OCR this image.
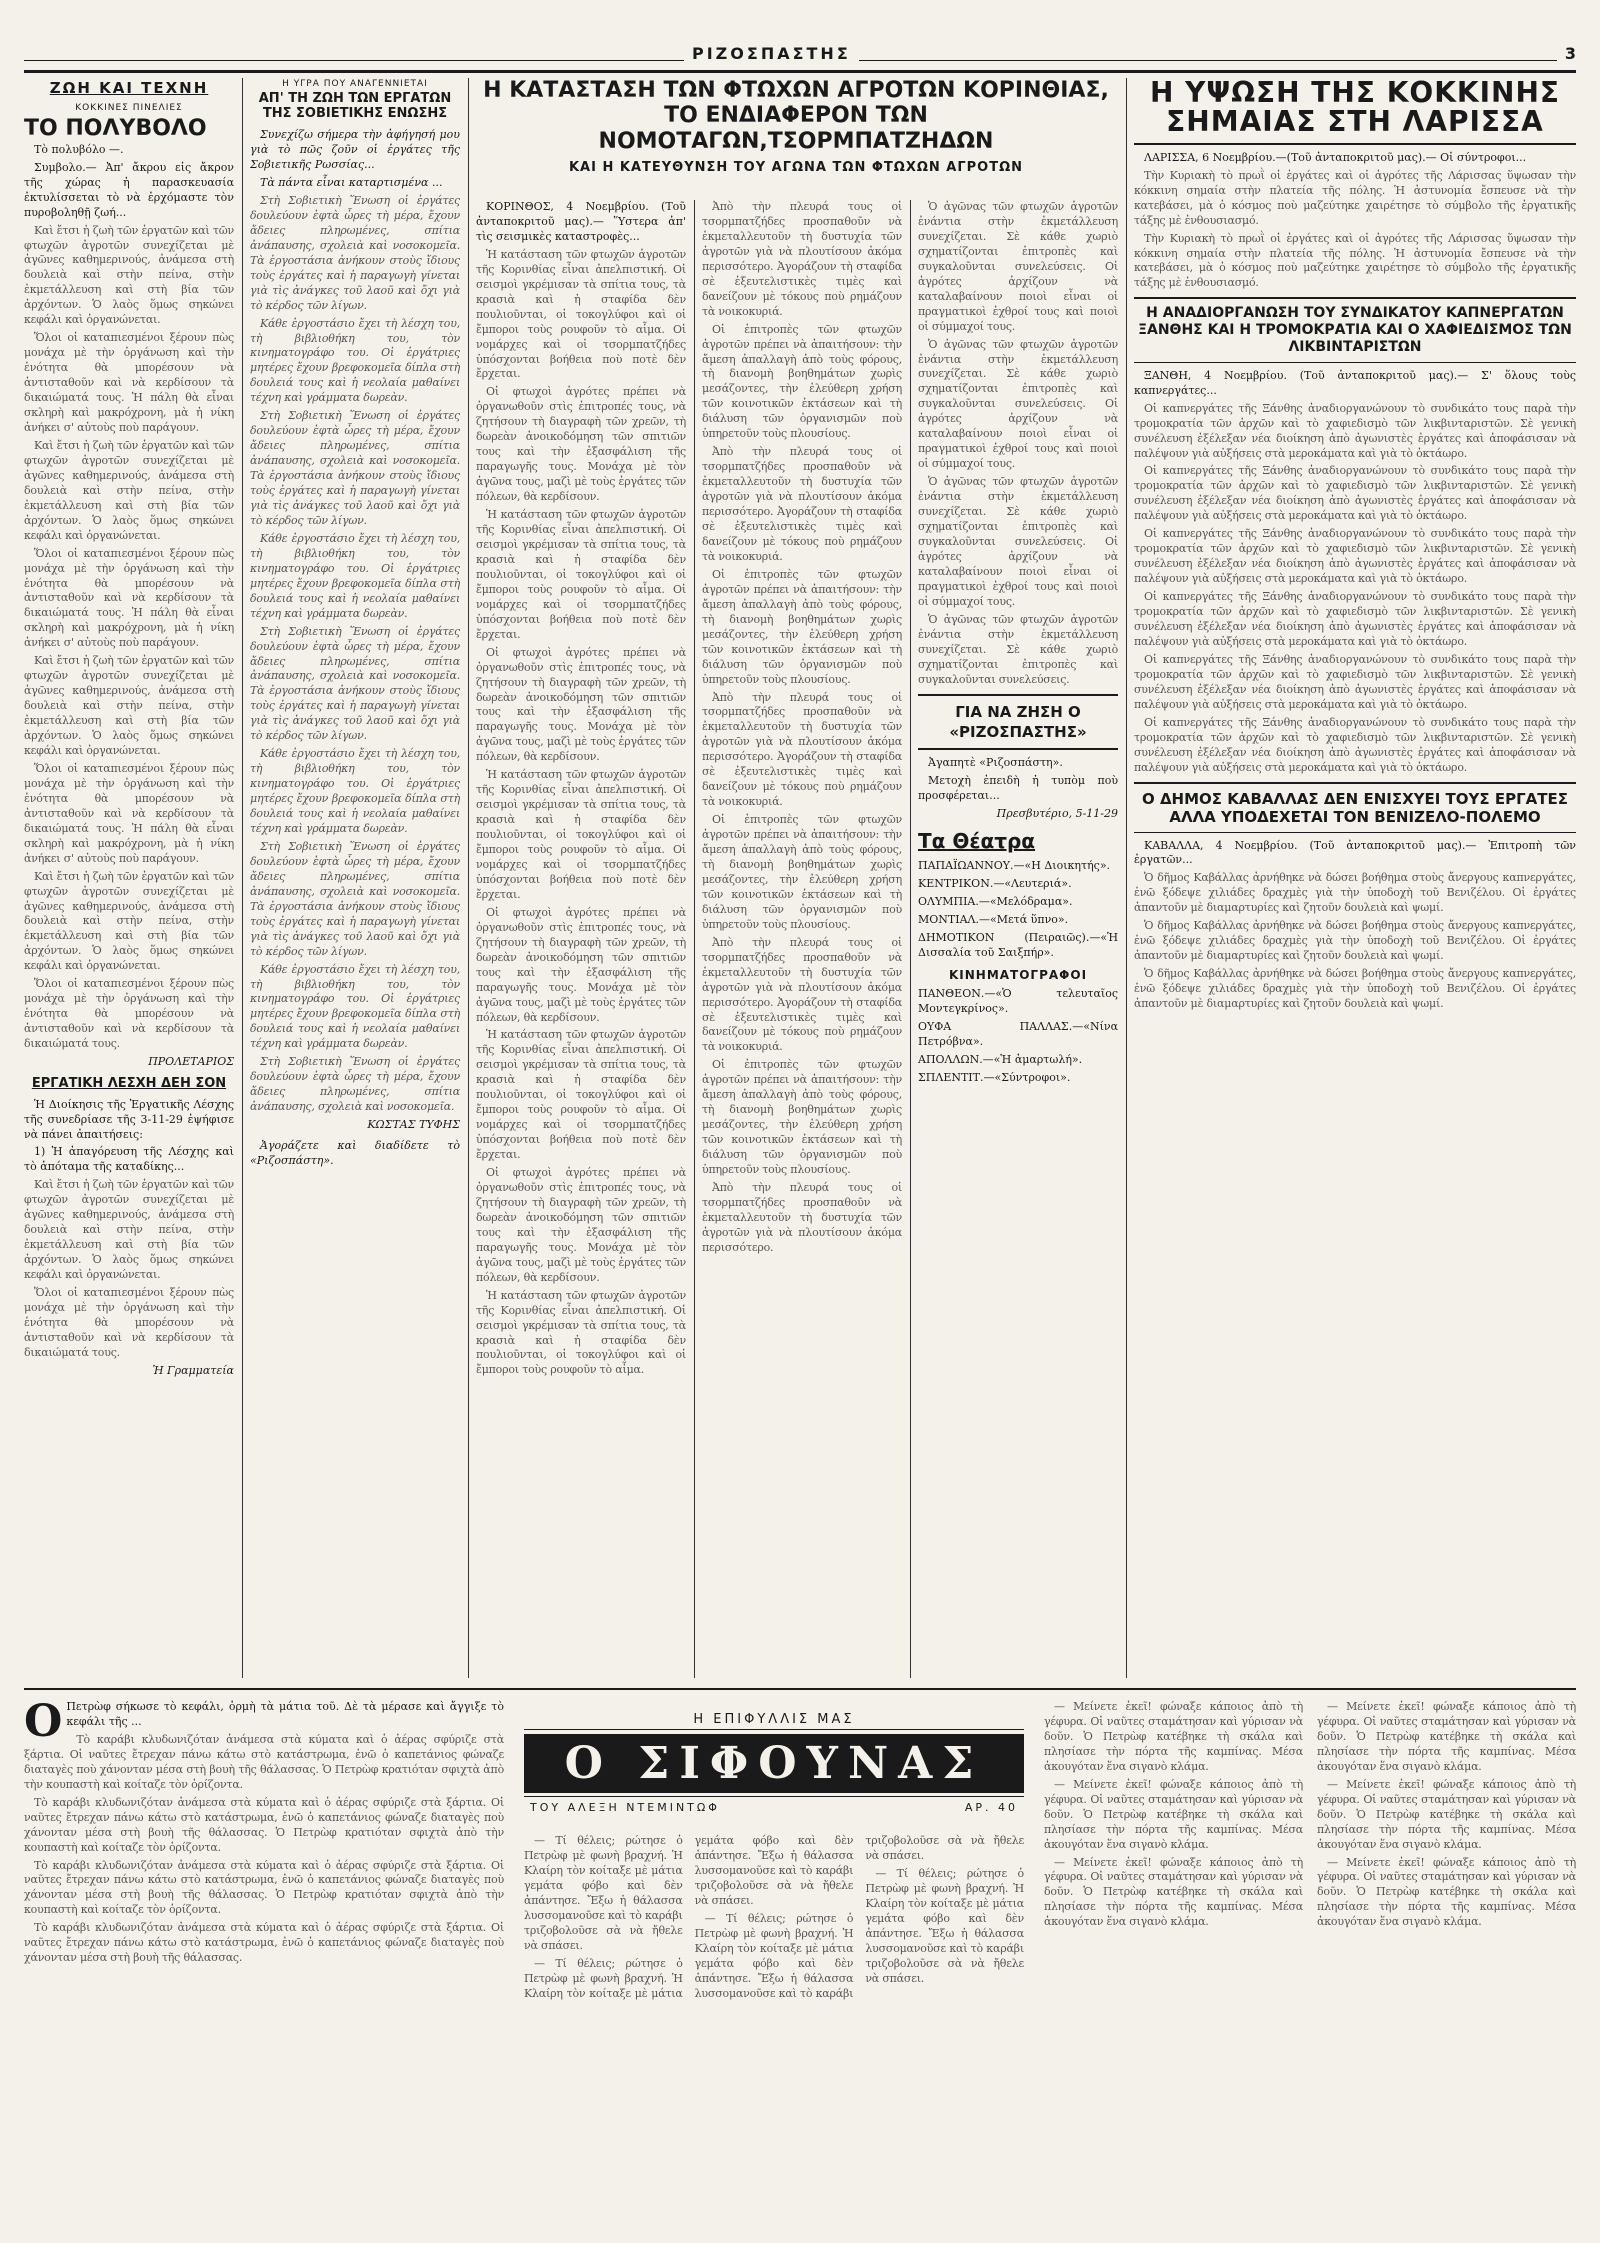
ΡΙΖΟΣΠΑΣΤΗΣ	3
ΖΩΗ ΚΑΙ ΤΕΧΝΗ
ΚΟΚΚΙΝΕΣ ΠΙΝΕΛΙΕΣ
ΤΟ ΠΟΛΥΒΟΛΟ

Τὸ πολυβόλο —.

Συμβολο.— Ἀπ' ἄκρου εἰς ἄκρον τῆς χώρας ἡ παρασκευασία ἐκτυλίσσεται τὸ νὰ ἐρχόμαστε τὸν πυροβοληθῇ ζωή...

Καὶ ἔτσι ἡ ζωὴ τῶν ἐργατῶν καὶ τῶν φτωχῶν ἀγροτῶν συνεχίζεται μὲ ἀγῶνες καθημερινούς, ἀνάμεσα στὴ δουλειὰ καὶ στὴν πείνα, στὴν ἐκμετάλλευση καὶ στὴ βία τῶν ἀρχόντων. Ὁ λαὸς ὅμως σηκώνει κεφάλι καὶ ὀργανώνεται.

Ὅλοι οἱ καταπιεσμένοι ξέρουν πὼς μονάχα μὲ τὴν ὀργάνωση καὶ τὴν ἑνότητα θὰ μπορέσουν νὰ ἀντισταθοῦν καὶ νὰ κερδίσουν τὰ δικαιώματά τους. Ἡ πάλη θὰ εἶναι σκληρὴ καὶ μακρόχρονη, μὰ ἡ νίκη ἀνήκει σ' αὐτοὺς ποὺ παράγουν.

Καὶ ἔτσι ἡ ζωὴ τῶν ἐργατῶν καὶ τῶν φτωχῶν ἀγροτῶν συνεχίζεται μὲ ἀγῶνες καθημερινούς, ἀνάμεσα στὴ δουλειὰ καὶ στὴν πείνα, στὴν ἐκμετάλλευση καὶ στὴ βία τῶν ἀρχόντων. Ὁ λαὸς ὅμως σηκώνει κεφάλι καὶ ὀργανώνεται.

Ὅλοι οἱ καταπιεσμένοι ξέρουν πὼς μονάχα μὲ τὴν ὀργάνωση καὶ τὴν ἑνότητα θὰ μπορέσουν νὰ ἀντισταθοῦν καὶ νὰ κερδίσουν τὰ δικαιώματά τους. Ἡ πάλη θὰ εἶναι σκληρὴ καὶ μακρόχρονη, μὰ ἡ νίκη ἀνήκει σ' αὐτοὺς ποὺ παράγουν.

Καὶ ἔτσι ἡ ζωὴ τῶν ἐργατῶν καὶ τῶν φτωχῶν ἀγροτῶν συνεχίζεται μὲ ἀγῶνες καθημερινούς, ἀνάμεσα στὴ δουλειὰ καὶ στὴν πείνα, στὴν ἐκμετάλλευση καὶ στὴ βία τῶν ἀρχόντων. Ὁ λαὸς ὅμως σηκώνει κεφάλι καὶ ὀργανώνεται.

Ὅλοι οἱ καταπιεσμένοι ξέρουν πὼς μονάχα μὲ τὴν ὀργάνωση καὶ τὴν ἑνότητα θὰ μπορέσουν νὰ ἀντισταθοῦν καὶ νὰ κερδίσουν τὰ δικαιώματά τους. Ἡ πάλη θὰ εἶναι σκληρὴ καὶ μακρόχρονη, μὰ ἡ νίκη ἀνήκει σ' αὐτοὺς ποὺ παράγουν.

Καὶ ἔτσι ἡ ζωὴ τῶν ἐργατῶν καὶ τῶν φτωχῶν ἀγροτῶν συνεχίζεται μὲ ἀγῶνες καθημερινούς, ἀνάμεσα στὴ δουλειὰ καὶ στὴν πείνα, στὴν ἐκμετάλλευση καὶ στὴ βία τῶν ἀρχόντων. Ὁ λαὸς ὅμως σηκώνει κεφάλι καὶ ὀργανώνεται.

Ὅλοι οἱ καταπιεσμένοι ξέρουν πὼς μονάχα μὲ τὴν ὀργάνωση καὶ τὴν ἑνότητα θὰ μπορέσουν νὰ ἀντισταθοῦν καὶ νὰ κερδίσουν τὰ δικαιώματά τους.

ΠΡΟΛΕΤΑΡΙΟΣ
ΕΡΓΑΤΙΚΗ ΛΕΣΧΗ ΔΕΗ ΣΟΝ

Ἡ Διοίκησις τῆς Ἐργατικῆς Λέσχης τῆς συνεδρίασε τῆς 3-11-29 ἐψήφισε νὰ πάνει ἀπαιτήσεις:

1) Ἡ ἀπαγόρευση τῆς Λέσχης καὶ τὸ ἀπόταμα τῆς καταδίκης...

Καὶ ἔτσι ἡ ζωὴ τῶν ἐργατῶν καὶ τῶν φτωχῶν ἀγροτῶν συνεχίζεται μὲ ἀγῶνες καθημερινούς, ἀνάμεσα στὴ δουλειὰ καὶ στὴν πείνα, στὴν ἐκμετάλλευση καὶ στὴ βία τῶν ἀρχόντων. Ὁ λαὸς ὅμως σηκώνει κεφάλι καὶ ὀργανώνεται.

Ὅλοι οἱ καταπιεσμένοι ξέρουν πὼς μονάχα μὲ τὴν ὀργάνωση καὶ τὴν ἑνότητα θὰ μπορέσουν νὰ ἀντισταθοῦν καὶ νὰ κερδίσουν τὰ δικαιώματά τους.

Ἡ Γραμματεία
Η ΥΓΡΑ ΠΟΥ ΑΝΑΓΕΝΝΙΕΤΑΙ
ΑΠ' ΤΗ ΖΩΗ ΤΩΝ ΕΡΓΑΤΩΝ ΤΗΣ ΣΟΒΙΕΤΙΚΗΣ ΕΝΩΣΗΣ

Συνεχίζω σήμερα τὴν ἀφήγησή μου γιὰ τὸ πῶς ζοῦν οἱ ἐργάτες τῆς Σοβιετικῆς Ρωσσίας...

Τὰ πάντα εἶναι καταρτισμένα ...

Στὴ Σοβιετικὴ Ἕνωση οἱ ἐργάτες δουλεύουν ἑφτὰ ὧρες τὴ μέρα, ἔχουν ἄδειες πληρωμένες, σπίτια ἀνάπαυσης, σχολειὰ καὶ νοσοκομεῖα. Τὰ ἐργοστάσια ἀνήκουν στοὺς ἴδιους τοὺς ἐργάτες καὶ ἡ παραγωγὴ γίνεται γιὰ τὶς ἀνάγκες τοῦ λαοῦ καὶ ὄχι γιὰ τὸ κέρδος τῶν λίγων.

Κάθε ἐργοστάσιο ἔχει τὴ λέσχη του, τὴ βιβλιοθήκη του, τὸν κινηματογράφο του. Οἱ ἐργάτριες μητέρες ἔχουν βρεφοκομεῖα δίπλα στὴ δουλειά τους καὶ ἡ νεολαία μαθαίνει τέχνη καὶ γράμματα δωρεὰν.

Στὴ Σοβιετικὴ Ἕνωση οἱ ἐργάτες δουλεύουν ἑφτὰ ὧρες τὴ μέρα, ἔχουν ἄδειες πληρωμένες, σπίτια ἀνάπαυσης, σχολειὰ καὶ νοσοκομεῖα. Τὰ ἐργοστάσια ἀνήκουν στοὺς ἴδιους τοὺς ἐργάτες καὶ ἡ παραγωγὴ γίνεται γιὰ τὶς ἀνάγκες τοῦ λαοῦ καὶ ὄχι γιὰ τὸ κέρδος τῶν λίγων.

Κάθε ἐργοστάσιο ἔχει τὴ λέσχη του, τὴ βιβλιοθήκη του, τὸν κινηματογράφο του. Οἱ ἐργάτριες μητέρες ἔχουν βρεφοκομεῖα δίπλα στὴ δουλειά τους καὶ ἡ νεολαία μαθαίνει τέχνη καὶ γράμματα δωρεὰν.

Στὴ Σοβιετικὴ Ἕνωση οἱ ἐργάτες δουλεύουν ἑφτὰ ὧρες τὴ μέρα, ἔχουν ἄδειες πληρωμένες, σπίτια ἀνάπαυσης, σχολειὰ καὶ νοσοκομεῖα. Τὰ ἐργοστάσια ἀνήκουν στοὺς ἴδιους τοὺς ἐργάτες καὶ ἡ παραγωγὴ γίνεται γιὰ τὶς ἀνάγκες τοῦ λαοῦ καὶ ὄχι γιὰ τὸ κέρδος τῶν λίγων.

Κάθε ἐργοστάσιο ἔχει τὴ λέσχη του, τὴ βιβλιοθήκη του, τὸν κινηματογράφο του. Οἱ ἐργάτριες μητέρες ἔχουν βρεφοκομεῖα δίπλα στὴ δουλειά τους καὶ ἡ νεολαία μαθαίνει τέχνη καὶ γράμματα δωρεὰν.

Στὴ Σοβιετικὴ Ἕνωση οἱ ἐργάτες δουλεύουν ἑφτὰ ὧρες τὴ μέρα, ἔχουν ἄδειες πληρωμένες, σπίτια ἀνάπαυσης, σχολειὰ καὶ νοσοκομεῖα. Τὰ ἐργοστάσια ἀνήκουν στοὺς ἴδιους τοὺς ἐργάτες καὶ ἡ παραγωγὴ γίνεται γιὰ τὶς ἀνάγκες τοῦ λαοῦ καὶ ὄχι γιὰ τὸ κέρδος τῶν λίγων.

Κάθε ἐργοστάσιο ἔχει τὴ λέσχη του, τὴ βιβλιοθήκη του, τὸν κινηματογράφο του. Οἱ ἐργάτριες μητέρες ἔχουν βρεφοκομεῖα δίπλα στὴ δουλειά τους καὶ ἡ νεολαία μαθαίνει τέχνη καὶ γράμματα δωρεὰν.

Στὴ Σοβιετικὴ Ἕνωση οἱ ἐργάτες δουλεύουν ἑφτὰ ὧρες τὴ μέρα, ἔχουν ἄδειες πληρωμένες, σπίτια ἀνάπαυσης, σχολειὰ καὶ νοσοκομεῖα.

ΚΩΣΤΑΣ ΤΥΦΗΣ

Ἀγοράζετε καὶ διαδίδετε τὸ «Ριζοσπάστη».

Η ΚΑΤΑΣΤΑΣΗ ΤΩΝ ΦΤΩΧΩΝ ΑΓΡΟΤΩΝ ΚΟΡΙΝΘΙΑΣ,
ΤΟ ΕΝΔΙΑΦΕΡΟΝ ΤΩΝ ΝΟΜΟΤΑΓΩΝ,ΤΣΟΡΜΠΑΤΖΗΔΩΝ
ΚΑΙ Η ΚΑΤΕΥΘΥΝΣΗ ΤΟΥ ΑΓΩΝΑ ΤΩΝ ΦΤΩΧΩΝ ΑΓΡΟΤΩΝ

ΚΟΡΙΝΘΟΣ, 4 Νοεμβρίου. (Τοῦ ἀνταποκριτοῦ μας).— Ὕστερα ἀπ' τὶς σεισμικὲς καταστροφὲς...

Ἡ κατάσταση τῶν φτωχῶν ἀγροτῶν τῆς Κορινθίας εἶναι ἀπελπιστική. Οἱ σεισμοὶ γκρέμισαν τὰ σπίτια τους, τὰ κρασιὰ καὶ ἡ σταφίδα δὲν πουλιοῦνται, οἱ τοκογλύφοι καὶ οἱ ἔμποροι τοὺς ρουφοῦν τὸ αἷμα. Οἱ νομάρχες καὶ οἱ τσορμπατζήδες ὑπόσχονται βοήθεια ποὺ ποτὲ δὲν ἔρχεται.

Οἱ φτωχοὶ ἀγρότες πρέπει νὰ ὀργανωθοῦν στὶς ἐπιτροπές τους, νὰ ζητήσουν τὴ διαγραφὴ τῶν χρεῶν, τὴ δωρεὰν ἀνοικοδόμηση τῶν σπιτιῶν τους καὶ τὴν ἐξασφάλιση τῆς παραγωγῆς τους. Μονάχα μὲ τὸν ἀγῶνα τους, μαζὶ μὲ τοὺς ἐργάτες τῶν πόλεων, θὰ κερδίσουν.

Ἡ κατάσταση τῶν φτωχῶν ἀγροτῶν τῆς Κορινθίας εἶναι ἀπελπιστική. Οἱ σεισμοὶ γκρέμισαν τὰ σπίτια τους, τὰ κρασιὰ καὶ ἡ σταφίδα δὲν πουλιοῦνται, οἱ τοκογλύφοι καὶ οἱ ἔμποροι τοὺς ρουφοῦν τὸ αἷμα. Οἱ νομάρχες καὶ οἱ τσορμπατζήδες ὑπόσχονται βοήθεια ποὺ ποτὲ δὲν ἔρχεται.

Οἱ φτωχοὶ ἀγρότες πρέπει νὰ ὀργανωθοῦν στὶς ἐπιτροπές τους, νὰ ζητήσουν τὴ διαγραφὴ τῶν χρεῶν, τὴ δωρεὰν ἀνοικοδόμηση τῶν σπιτιῶν τους καὶ τὴν ἐξασφάλιση τῆς παραγωγῆς τους. Μονάχα μὲ τὸν ἀγῶνα τους, μαζὶ μὲ τοὺς ἐργάτες τῶν πόλεων, θὰ κερδίσουν.

Ἡ κατάσταση τῶν φτωχῶν ἀγροτῶν τῆς Κορινθίας εἶναι ἀπελπιστική. Οἱ σεισμοὶ γκρέμισαν τὰ σπίτια τους, τὰ κρασιὰ καὶ ἡ σταφίδα δὲν πουλιοῦνται, οἱ τοκογλύφοι καὶ οἱ ἔμποροι τοὺς ρουφοῦν τὸ αἷμα. Οἱ νομάρχες καὶ οἱ τσορμπατζήδες ὑπόσχονται βοήθεια ποὺ ποτὲ δὲν ἔρχεται.

Οἱ φτωχοὶ ἀγρότες πρέπει νὰ ὀργανωθοῦν στὶς ἐπιτροπές τους, νὰ ζητήσουν τὴ διαγραφὴ τῶν χρεῶν, τὴ δωρεὰν ἀνοικοδόμηση τῶν σπιτιῶν τους καὶ τὴν ἐξασφάλιση τῆς παραγωγῆς τους. Μονάχα μὲ τὸν ἀγῶνα τους, μαζὶ μὲ τοὺς ἐργάτες τῶν πόλεων, θὰ κερδίσουν.

Ἡ κατάσταση τῶν φτωχῶν ἀγροτῶν τῆς Κορινθίας εἶναι ἀπελπιστική. Οἱ σεισμοὶ γκρέμισαν τὰ σπίτια τους, τὰ κρασιὰ καὶ ἡ σταφίδα δὲν πουλιοῦνται, οἱ τοκογλύφοι καὶ οἱ ἔμποροι τοὺς ρουφοῦν τὸ αἷμα. Οἱ νομάρχες καὶ οἱ τσορμπατζήδες ὑπόσχονται βοήθεια ποὺ ποτὲ δὲν ἔρχεται.

Οἱ φτωχοὶ ἀγρότες πρέπει νὰ ὀργανωθοῦν στὶς ἐπιτροπές τους, νὰ ζητήσουν τὴ διαγραφὴ τῶν χρεῶν, τὴ δωρεὰν ἀνοικοδόμηση τῶν σπιτιῶν τους καὶ τὴν ἐξασφάλιση τῆς παραγωγῆς τους. Μονάχα μὲ τὸν ἀγῶνα τους, μαζὶ μὲ τοὺς ἐργάτες τῶν πόλεων, θὰ κερδίσουν.

Ἡ κατάσταση τῶν φτωχῶν ἀγροτῶν τῆς Κορινθίας εἶναι ἀπελπιστική. Οἱ σεισμοὶ γκρέμισαν τὰ σπίτια τους, τὰ κρασιὰ καὶ ἡ σταφίδα δὲν πουλιοῦνται, οἱ τοκογλύφοι καὶ οἱ ἔμποροι τοὺς ρουφοῦν τὸ αἷμα.

Ἀπὸ τὴν πλευρά τους οἱ τσορμπατζήδες προσπαθοῦν νὰ ἐκμεταλλευτοῦν τὴ δυστυχία τῶν ἀγροτῶν γιὰ νὰ πλουτίσουν ἀκόμα περισσότερο. Ἀγοράζουν τὴ σταφίδα σὲ ἐξευτελιστικὲς τιμὲς καὶ δανείζουν μὲ τόκους ποὺ ρημάζουν τὰ νοικοκυριά.

Οἱ ἐπιτροπὲς τῶν φτωχῶν ἀγροτῶν πρέπει νὰ ἀπαιτήσουν: τὴν ἄμεση ἀπαλλαγὴ ἀπὸ τοὺς φόρους, τὴ διανομὴ βοηθημάτων χωρὶς μεσάζοντες, τὴν ἐλεύθερη χρήση τῶν κοινοτικῶν ἐκτάσεων καὶ τὴ διάλυση τῶν ὀργανισμῶν ποὺ ὑπηρετοῦν τοὺς πλουσίους.

Ἀπὸ τὴν πλευρά τους οἱ τσορμπατζήδες προσπαθοῦν νὰ ἐκμεταλλευτοῦν τὴ δυστυχία τῶν ἀγροτῶν γιὰ νὰ πλουτίσουν ἀκόμα περισσότερο. Ἀγοράζουν τὴ σταφίδα σὲ ἐξευτελιστικὲς τιμὲς καὶ δανείζουν μὲ τόκους ποὺ ρημάζουν τὰ νοικοκυριά.

Οἱ ἐπιτροπὲς τῶν φτωχῶν ἀγροτῶν πρέπει νὰ ἀπαιτήσουν: τὴν ἄμεση ἀπαλλαγὴ ἀπὸ τοὺς φόρους, τὴ διανομὴ βοηθημάτων χωρὶς μεσάζοντες, τὴν ἐλεύθερη χρήση τῶν κοινοτικῶν ἐκτάσεων καὶ τὴ διάλυση τῶν ὀργανισμῶν ποὺ ὑπηρετοῦν τοὺς πλουσίους.

Ἀπὸ τὴν πλευρά τους οἱ τσορμπατζήδες προσπαθοῦν νὰ ἐκμεταλλευτοῦν τὴ δυστυχία τῶν ἀγροτῶν γιὰ νὰ πλουτίσουν ἀκόμα περισσότερο. Ἀγοράζουν τὴ σταφίδα σὲ ἐξευτελιστικὲς τιμὲς καὶ δανείζουν μὲ τόκους ποὺ ρημάζουν τὰ νοικοκυριά.

Οἱ ἐπιτροπὲς τῶν φτωχῶν ἀγροτῶν πρέπει νὰ ἀπαιτήσουν: τὴν ἄμεση ἀπαλλαγὴ ἀπὸ τοὺς φόρους, τὴ διανομὴ βοηθημάτων χωρὶς μεσάζοντες, τὴν ἐλεύθερη χρήση τῶν κοινοτικῶν ἐκτάσεων καὶ τὴ διάλυση τῶν ὀργανισμῶν ποὺ ὑπηρετοῦν τοὺς πλουσίους.

Ἀπὸ τὴν πλευρά τους οἱ τσορμπατζήδες προσπαθοῦν νὰ ἐκμεταλλευτοῦν τὴ δυστυχία τῶν ἀγροτῶν γιὰ νὰ πλουτίσουν ἀκόμα περισσότερο. Ἀγοράζουν τὴ σταφίδα σὲ ἐξευτελιστικὲς τιμὲς καὶ δανείζουν μὲ τόκους ποὺ ρημάζουν τὰ νοικοκυριά.

Οἱ ἐπιτροπὲς τῶν φτωχῶν ἀγροτῶν πρέπει νὰ ἀπαιτήσουν: τὴν ἄμεση ἀπαλλαγὴ ἀπὸ τοὺς φόρους, τὴ διανομὴ βοηθημάτων χωρὶς μεσάζοντες, τὴν ἐλεύθερη χρήση τῶν κοινοτικῶν ἐκτάσεων καὶ τὴ διάλυση τῶν ὀργανισμῶν ποὺ ὑπηρετοῦν τοὺς πλουσίους.

Ἀπὸ τὴν πλευρά τους οἱ τσορμπατζήδες προσπαθοῦν νὰ ἐκμεταλλευτοῦν τὴ δυστυχία τῶν ἀγροτῶν γιὰ νὰ πλουτίσουν ἀκόμα περισσότερο.

Ὁ ἀγῶνας τῶν φτωχῶν ἀγροτῶν ἐνάντια στὴν ἐκμετάλλευση συνεχίζεται. Σὲ κάθε χωριὸ σχηματίζονται ἐπιτροπὲς καὶ συγκαλοῦνται συνελεύσεις. Οἱ ἀγρότες ἀρχίζουν νὰ καταλαβαίνουν ποιοὶ εἶναι οἱ πραγματικοὶ ἐχθροί τους καὶ ποιοὶ οἱ σύμμαχοί τους.

Ὁ ἀγῶνας τῶν φτωχῶν ἀγροτῶν ἐνάντια στὴν ἐκμετάλλευση συνεχίζεται. Σὲ κάθε χωριὸ σχηματίζονται ἐπιτροπὲς καὶ συγκαλοῦνται συνελεύσεις. Οἱ ἀγρότες ἀρχίζουν νὰ καταλαβαίνουν ποιοὶ εἶναι οἱ πραγματικοὶ ἐχθροί τους καὶ ποιοὶ οἱ σύμμαχοί τους.

Ὁ ἀγῶνας τῶν φτωχῶν ἀγροτῶν ἐνάντια στὴν ἐκμετάλλευση συνεχίζεται. Σὲ κάθε χωριὸ σχηματίζονται ἐπιτροπὲς καὶ συγκαλοῦνται συνελεύσεις. Οἱ ἀγρότες ἀρχίζουν νὰ καταλαβαίνουν ποιοὶ εἶναι οἱ πραγματικοὶ ἐχθροί τους καὶ ποιοὶ οἱ σύμμαχοί τους.

Ὁ ἀγῶνας τῶν φτωχῶν ἀγροτῶν ἐνάντια στὴν ἐκμετάλλευση συνεχίζεται. Σὲ κάθε χωριὸ σχηματίζονται ἐπιτροπὲς καὶ συγκαλοῦνται συνελεύσεις.

ΓΙΑ ΝΑ ΖΗΣΗ Ο «ΡΙΖΟΣΠΑΣΤΗΣ»

Ἀγαπητὲ «Ριζοσπάστη».

Μετοχὴ ἐπειδὴ ἡ τυπὸμ ποὺ προσφέρεται...

Πρεσβυτέριο, 5-11-29
Τα Θέατρα

ΠΑΠΑΪΩΑΝΝΟΥ.—«Η Διοικητής».

ΚΕΝΤΡΙΚΟΝ.—«Λευτεριά».

ΟΛΥΜΠΙΑ.—«Μελόδραμα».

ΜΟΝΤΙΑΛ.—«Μετά ὕπνο».

ΔΗΜΟΤΙΚΟΝ (Πειραιῶς).—«Ἡ Δισσαλία τοῦ Σαιξπήρ».

ΚΙΝΗΜΑΤΟΓΡΑΦΟΙ

ΠΑΝΘΕΟΝ.—«Ὁ τελευταῖος Μοντεγκρίνος».

ΟΥΦΑ ΠΑΛΛΑΣ.—«Νίνα Πετρόβνα».

ΑΠΟΛΛΩΝ.—«Ἡ ἁμαρτωλή».

ΣΠΛΕΝΤΙΤ.—«Σύντροφοι».

Η ΥΨΩΣΗ ΤΗΣ ΚΟΚΚΙΝΗΣ ΣΗΜΑΙΑΣ ΣΤΗ ΛΑΡΙΣΣΑ

ΛΑΡΙΣΣΑ, 6 Νοεμβρίου.—(Τοῦ ἀνταποκριτοῦ μας).— Οἱ σύντροφοι...

Τὴν Κυριακὴ τὸ πρωῒ οἱ ἐργάτες καὶ οἱ ἀγρότες τῆς Λάρισσας ὕψωσαν τὴν κόκκινη σημαία στὴν πλατεία τῆς πόλης. Ἡ ἀστυνομία ἔσπευσε νὰ τὴν κατεβάσει, μὰ ὁ κόσμος ποὺ μαζεύτηκε χαιρέτησε τὸ σύμβολο τῆς ἐργατικῆς τάξης μὲ ἐνθουσιασμό.

Τὴν Κυριακὴ τὸ πρωῒ οἱ ἐργάτες καὶ οἱ ἀγρότες τῆς Λάρισσας ὕψωσαν τὴν κόκκινη σημαία στὴν πλατεία τῆς πόλης. Ἡ ἀστυνομία ἔσπευσε νὰ τὴν κατεβάσει, μὰ ὁ κόσμος ποὺ μαζεύτηκε χαιρέτησε τὸ σύμβολο τῆς ἐργατικῆς τάξης μὲ ἐνθουσιασμό.

Η ΑΝΑΔΙΟΡΓΑΝΩΣΗ ΤΟΥ ΣΥΝΔΙΚΑΤΟΥ ΚΑΠΝΕΡΓΑΤΩΝ ΞΑΝΘΗΣ ΚΑΙ Η ΤΡΟΜΟΚΡΑΤΙΑ ΚΑΙ Ο ΧΑΦΙΕΔΙΣΜΟΣ ΤΩΝ ΛΙΚΒΙΝΤΑΡΙΣΤΩΝ

ΞΑΝΘΗ, 4 Νοεμβρίου. (Τοῦ ἀνταποκριτοῦ μας).— Σ' ὅλους τοὺς καπνεργάτες...

Οἱ καπνεργάτες τῆς Ξάνθης ἀναδιοργανώνουν τὸ συνδικάτο τους παρὰ τὴν τρομοκρατία τῶν ἀρχῶν καὶ τὸ χαφιεδισμὸ τῶν λικβινταριστῶν. Σὲ γενικὴ συνέλευση ἐξέλεξαν νέα διοίκηση ἀπὸ ἀγωνιστὲς ἐργάτες καὶ ἀποφάσισαν νὰ παλέψουν γιὰ αὐξήσεις στὰ μεροκάματα καὶ γιὰ τὸ ὀκτάωρο.

Οἱ καπνεργάτες τῆς Ξάνθης ἀναδιοργανώνουν τὸ συνδικάτο τους παρὰ τὴν τρομοκρατία τῶν ἀρχῶν καὶ τὸ χαφιεδισμὸ τῶν λικβινταριστῶν. Σὲ γενικὴ συνέλευση ἐξέλεξαν νέα διοίκηση ἀπὸ ἀγωνιστὲς ἐργάτες καὶ ἀποφάσισαν νὰ παλέψουν γιὰ αὐξήσεις στὰ μεροκάματα καὶ γιὰ τὸ ὀκτάωρο.

Οἱ καπνεργάτες τῆς Ξάνθης ἀναδιοργανώνουν τὸ συνδικάτο τους παρὰ τὴν τρομοκρατία τῶν ἀρχῶν καὶ τὸ χαφιεδισμὸ τῶν λικβινταριστῶν. Σὲ γενικὴ συνέλευση ἐξέλεξαν νέα διοίκηση ἀπὸ ἀγωνιστὲς ἐργάτες καὶ ἀποφάσισαν νὰ παλέψουν γιὰ αὐξήσεις στὰ μεροκάματα καὶ γιὰ τὸ ὀκτάωρο.

Οἱ καπνεργάτες τῆς Ξάνθης ἀναδιοργανώνουν τὸ συνδικάτο τους παρὰ τὴν τρομοκρατία τῶν ἀρχῶν καὶ τὸ χαφιεδισμὸ τῶν λικβινταριστῶν. Σὲ γενικὴ συνέλευση ἐξέλεξαν νέα διοίκηση ἀπὸ ἀγωνιστὲς ἐργάτες καὶ ἀποφάσισαν νὰ παλέψουν γιὰ αὐξήσεις στὰ μεροκάματα καὶ γιὰ τὸ ὀκτάωρο.

Οἱ καπνεργάτες τῆς Ξάνθης ἀναδιοργανώνουν τὸ συνδικάτο τους παρὰ τὴν τρομοκρατία τῶν ἀρχῶν καὶ τὸ χαφιεδισμὸ τῶν λικβινταριστῶν. Σὲ γενικὴ συνέλευση ἐξέλεξαν νέα διοίκηση ἀπὸ ἀγωνιστὲς ἐργάτες καὶ ἀποφάσισαν νὰ παλέψουν γιὰ αὐξήσεις στὰ μεροκάματα καὶ γιὰ τὸ ὀκτάωρο.

Οἱ καπνεργάτες τῆς Ξάνθης ἀναδιοργανώνουν τὸ συνδικάτο τους παρὰ τὴν τρομοκρατία τῶν ἀρχῶν καὶ τὸ χαφιεδισμὸ τῶν λικβινταριστῶν. Σὲ γενικὴ συνέλευση ἐξέλεξαν νέα διοίκηση ἀπὸ ἀγωνιστὲς ἐργάτες καὶ ἀποφάσισαν νὰ παλέψουν γιὰ αὐξήσεις στὰ μεροκάματα καὶ γιὰ τὸ ὀκτάωρο.

Ο ΔΗΜΟΣ ΚΑΒΑΛΛΑΣ ΔΕΝ ΕΝΙΣΧΥΕΙ ΤΟΥΣ ΕΡΓΑΤΕΣ ΑΛΛΑ ΥΠΟΔΕΧΕΤΑΙ ΤΟΝ ΒΕΝΙΖΕΛΟ-ΠΟΛΕΜΟ

ΚΑΒΑΛΛΑ, 4 Νοεμβρίου. (Τοῦ ἀνταποκριτοῦ μας).— Ἐπιτροπὴ τῶν ἐργατῶν...

Ὁ δῆμος Καβάλλας ἀρνήθηκε νὰ δώσει βοήθημα στοὺς ἄνεργους καπνεργάτες, ἐνῶ ξόδεψε χιλιάδες δραχμὲς γιὰ τὴν ὑποδοχὴ τοῦ Βενιζέλου. Οἱ ἐργάτες ἀπαντοῦν μὲ διαμαρτυρίες καὶ ζητοῦν δουλειὰ καὶ ψωμί.

Ὁ δῆμος Καβάλλας ἀρνήθηκε νὰ δώσει βοήθημα στοὺς ἄνεργους καπνεργάτες, ἐνῶ ξόδεψε χιλιάδες δραχμὲς γιὰ τὴν ὑποδοχὴ τοῦ Βενιζέλου. Οἱ ἐργάτες ἀπαντοῦν μὲ διαμαρτυρίες καὶ ζητοῦν δουλειὰ καὶ ψωμί.

Ὁ δῆμος Καβάλλας ἀρνήθηκε νὰ δώσει βοήθημα στοὺς ἄνεργους καπνεργάτες, ἐνῶ ξόδεψε χιλιάδες δραχμὲς γιὰ τὴν ὑποδοχὴ τοῦ Βενιζέλου. Οἱ ἐργάτες ἀπαντοῦν μὲ διαμαρτυρίες καὶ ζητοῦν δουλειὰ καὶ ψωμί.

Ο Πετρὼφ σήκωσε τὸ κεφάλι, ὁρμὴ τὰ μάτια τοῦ. Δὲ τὰ μέρασε καὶ ἄγγιξε τὸ κεφάλι τῆς ...

Τὸ καράβι κλυδωνιζόταν ἀνάμεσα στὰ κύματα καὶ ὁ ἀέρας σφύριζε στὰ ξάρτια. Οἱ ναῦτες ἔτρεχαν πάνω κάτω στὸ κατάστρωμα, ἐνῶ ὁ καπετάνιος φώναζε διαταγὲς ποὺ χάνονταν μέσα στὴ βουὴ τῆς θάλασσας. Ὁ Πετρὼφ κρατιόταν σφιχτὰ ἀπὸ τὴν κουπαστὴ καὶ κοίταζε τὸν ὁρίζοντα.

Τὸ καράβι κλυδωνιζόταν ἀνάμεσα στὰ κύματα καὶ ὁ ἀέρας σφύριζε στὰ ξάρτια. Οἱ ναῦτες ἔτρεχαν πάνω κάτω στὸ κατάστρωμα, ἐνῶ ὁ καπετάνιος φώναζε διαταγὲς ποὺ χάνονταν μέσα στὴ βουὴ τῆς θάλασσας. Ὁ Πετρὼφ κρατιόταν σφιχτὰ ἀπὸ τὴν κουπαστὴ καὶ κοίταζε τὸν ὁρίζοντα.

Τὸ καράβι κλυδωνιζόταν ἀνάμεσα στὰ κύματα καὶ ὁ ἀέρας σφύριζε στὰ ξάρτια. Οἱ ναῦτες ἔτρεχαν πάνω κάτω στὸ κατάστρωμα, ἐνῶ ὁ καπετάνιος φώναζε διαταγὲς ποὺ χάνονταν μέσα στὴ βουὴ τῆς θάλασσας. Ὁ Πετρὼφ κρατιόταν σφιχτὰ ἀπὸ τὴν κουπαστὴ καὶ κοίταζε τὸν ὁρίζοντα.

Τὸ καράβι κλυδωνιζόταν ἀνάμεσα στὰ κύματα καὶ ὁ ἀέρας σφύριζε στὰ ξάρτια. Οἱ ναῦτες ἔτρεχαν πάνω κάτω στὸ κατάστρωμα, ἐνῶ ὁ καπετάνιος φώναζε διαταγὲς ποὺ χάνονταν μέσα στὴ βουὴ τῆς θάλασσας.

Η ΕΠΙΦΥΛΛΙΣ ΜΑΣ
Ο ΣΙΦΟΥΝΑΣ
ΤΟΥ ΑΛΕΞΗ ΝΤΕΜΙΝΤΩΦ	ΑΡ. 40

— Τί θέλεις; ρώτησε ὁ Πετρὼφ μὲ φωνὴ βραχνή. Ἡ Κλαίρη τὸν κοίταξε μὲ μάτια γεμάτα φόβο καὶ δὲν ἀπάντησε. Ἔξω ἡ θάλασσα λυσσομανοῦσε καὶ τὸ καράβι τριζοβολοῦσε σὰ νὰ ἤθελε νὰ σπάσει.

— Τί θέλεις; ρώτησε ὁ Πετρὼφ μὲ φωνὴ βραχνή. Ἡ Κλαίρη τὸν κοίταξε μὲ μάτια γεμάτα φόβο καὶ δὲν ἀπάντησε. Ἔξω ἡ θάλασσα λυσσομανοῦσε καὶ τὸ καράβι τριζοβολοῦσε σὰ νὰ ἤθελε νὰ σπάσει.

— Τί θέλεις; ρώτησε ὁ Πετρὼφ μὲ φωνὴ βραχνή. Ἡ Κλαίρη τὸν κοίταξε μὲ μάτια γεμάτα φόβο καὶ δὲν ἀπάντησε. Ἔξω ἡ θάλασσα λυσσομανοῦσε καὶ τὸ καράβι τριζοβολοῦσε σὰ νὰ ἤθελε νὰ σπάσει.

— Τί θέλεις; ρώτησε ὁ Πετρὼφ μὲ φωνὴ βραχνή. Ἡ Κλαίρη τὸν κοίταξε μὲ μάτια γεμάτα φόβο καὶ δὲν ἀπάντησε. Ἔξω ἡ θάλασσα λυσσομανοῦσε καὶ τὸ καράβι τριζοβολοῦσε σὰ νὰ ἤθελε νὰ σπάσει.

— Μείνετε ἐκεῖ! φώναξε κάποιος ἀπὸ τὴ γέφυρα. Οἱ ναῦτες σταμάτησαν καὶ γύρισαν νὰ δοῦν. Ὁ Πετρὼφ κατέβηκε τὴ σκάλα καὶ πλησίασε τὴν πόρτα τῆς καμπίνας. Μέσα ἀκουγόταν ἕνα σιγανὸ κλάμα.

— Μείνετε ἐκεῖ! φώναξε κάποιος ἀπὸ τὴ γέφυρα. Οἱ ναῦτες σταμάτησαν καὶ γύρισαν νὰ δοῦν. Ὁ Πετρὼφ κατέβηκε τὴ σκάλα καὶ πλησίασε τὴν πόρτα τῆς καμπίνας. Μέσα ἀκουγόταν ἕνα σιγανὸ κλάμα.

— Μείνετε ἐκεῖ! φώναξε κάποιος ἀπὸ τὴ γέφυρα. Οἱ ναῦτες σταμάτησαν καὶ γύρισαν νὰ δοῦν. Ὁ Πετρὼφ κατέβηκε τὴ σκάλα καὶ πλησίασε τὴν πόρτα τῆς καμπίνας. Μέσα ἀκουγόταν ἕνα σιγανὸ κλάμα.

— Μείνετε ἐκεῖ! φώναξε κάποιος ἀπὸ τὴ γέφυρα. Οἱ ναῦτες σταμάτησαν καὶ γύρισαν νὰ δοῦν. Ὁ Πετρὼφ κατέβηκε τὴ σκάλα καὶ πλησίασε τὴν πόρτα τῆς καμπίνας. Μέσα ἀκουγόταν ἕνα σιγανὸ κλάμα.

— Μείνετε ἐκεῖ! φώναξε κάποιος ἀπὸ τὴ γέφυρα. Οἱ ναῦτες σταμάτησαν καὶ γύρισαν νὰ δοῦν. Ὁ Πετρὼφ κατέβηκε τὴ σκάλα καὶ πλησίασε τὴν πόρτα τῆς καμπίνας. Μέσα ἀκουγόταν ἕνα σιγανὸ κλάμα.

— Μείνετε ἐκεῖ! φώναξε κάποιος ἀπὸ τὴ γέφυρα. Οἱ ναῦτες σταμάτησαν καὶ γύρισαν νὰ δοῦν. Ὁ Πετρὼφ κατέβηκε τὴ σκάλα καὶ πλησίασε τὴν πόρτα τῆς καμπίνας. Μέσα ἀκουγόταν ἕνα σιγανὸ κλάμα.
